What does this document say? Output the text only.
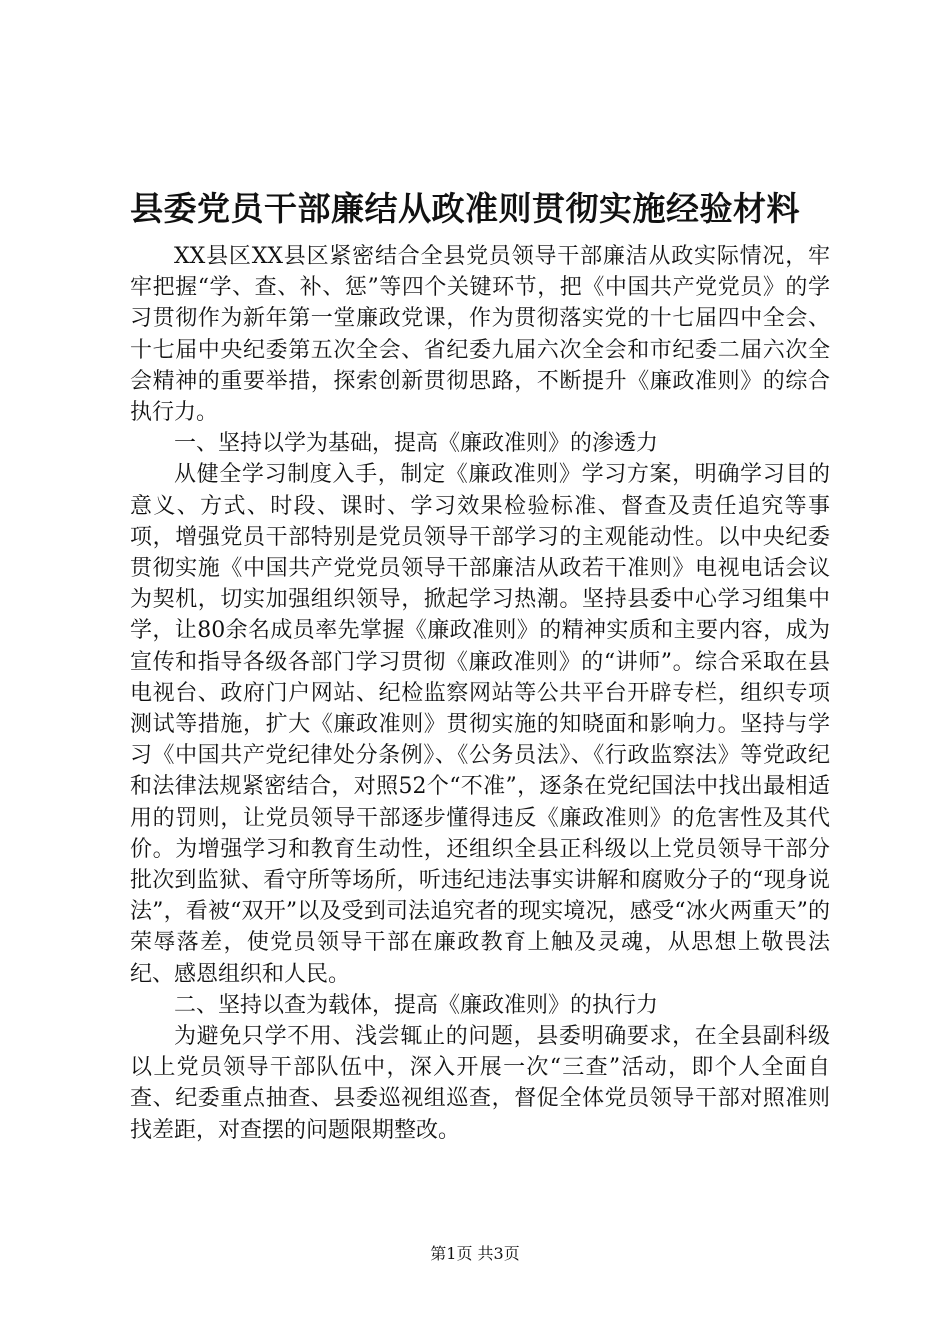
县委党员干部廉结从政准则贯彻实施经验材料

XX县区XX县区紧密结合全县党员领导干部廉洁从政实际情况，牢牢把握“学、查、补、惩”等四个关键环节，把《中国共产党党员》的学习贯彻作为新年第一堂廉政党课，作为贯彻落实党的十七届四中全会、十七届中央纪委第五次全会、省纪委九届六次全会和市纪委二届六次全会精神的重要举措，探索创新贯彻思路，不断提升《廉政准则》的综合执行力。

一、坚持以学为基础，提高《廉政准则》的渗透力

从健全学习制度入手，制定《廉政准则》学习方案，明确学习目的意义、方式、时段、课时、学习效果检验标准、督查及责任追究等事项，增强党员干部特别是党员领导干部学习的主观能动性。以中央纪委贯彻实施《中国共产党党员领导干部廉洁从政若干准则》电视电话会议为契机，切实加强组织领导，掀起学习热潮。坚持县委中心学习组集中学，让80余名成员率先掌握《廉政准则》的精神实质和主要内容，成为宣传和指导各级各部门学习贯彻《廉政准则》的“讲师”。综合采取在县电视台、政府门户网站、纪检监察网站等公共平台开辟专栏，组织专项测试等措施，扩大《廉政准则》贯彻实施的知晓面和影响力。坚持与学习《中国共产党纪律处分条例》、《公务员法》、《行政监察法》等党政纪和法律法规紧密结合，对照52个“不准”，逐条在党纪国法中找出最相适用的罚则，让党员领导干部逐步懂得违反《廉政准则》的危害性及其代价。为增强学习和教育生动性，还组织全县正科级以上党员领导干部分批次到监狱、看守所等场所，听违纪违法事实讲解和腐败分子的“现身说法”，看被“双开”以及受到司法追究者的现实境况，感受“冰火两重天”的荣辱落差，使党员领导干部在廉政教育上触及灵魂，从思想上敬畏法纪、感恩组织和人民。

二、坚持以查为载体，提高《廉政准则》的执行力

为避免只学不用、浅尝辄止的问题，县委明确要求，在全县副科级以上党员领导干部队伍中，深入开展一次“三查”活动，即个人全面自查、纪委重点抽查、县委巡视组巡查，督促全体党员领导干部对照准则找差距，对查摆的问题限期整改。

第1页 共3页
